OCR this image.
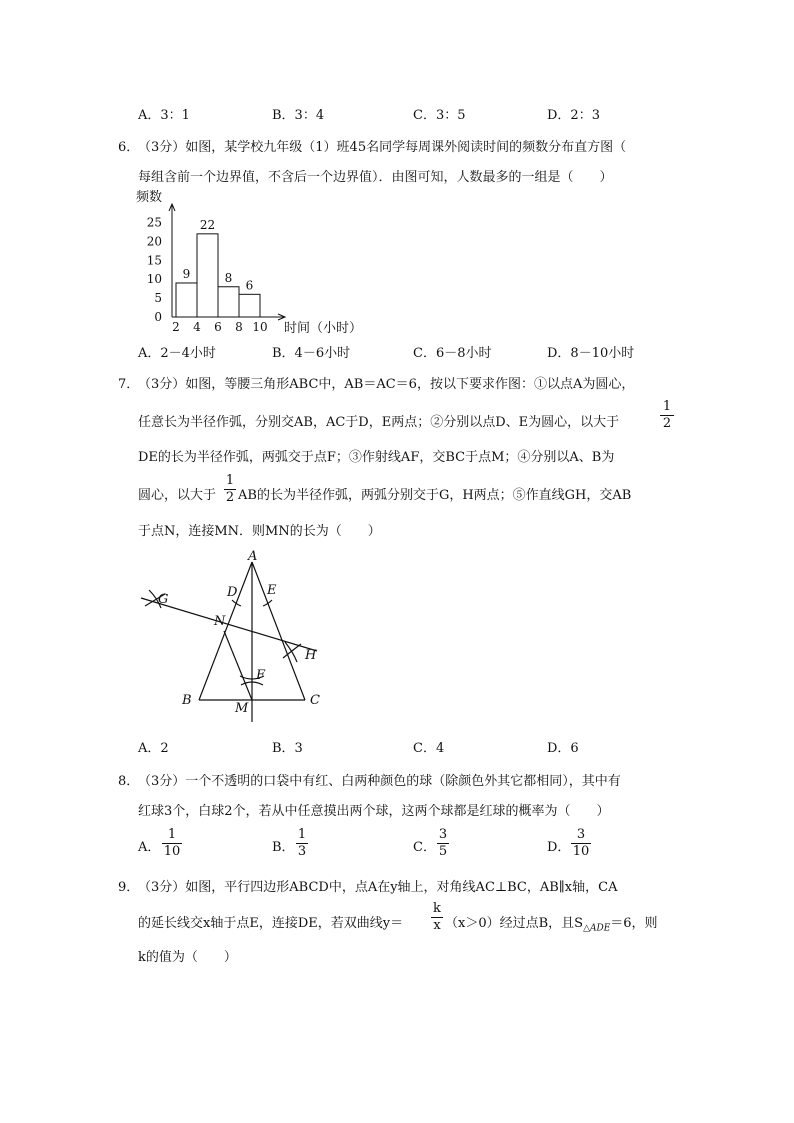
A．3：1	B．3：4	C．3：5	D．2：3
6．
（3分）如图，某学校九年级（1）班45名同学每周课外阅读时间的频数分布直方图（
每组含前一个边界值，不含后一个边界值）．由图可知，人数最多的一组是（　　）
0
5
10
15
20
25
2 4 6 8 10
9
22
8
6
频数
时间（小时）
A．2－4小时	B．4－6小时	C．6－8小时	D．8－10小时
7．
（3分）如图，等腰三角形ABC中，AB＝AC＝6，按以下要求作图：①以点A为圆心，
任意长为半径作弧，分别交AB，AC于D，E两点；②分别以点D、E为圆心，以大于
1
2
DE的长为半径作弧，两弧交于点F；③作射线AF，交BC于点M；④分别以A、B为
圆心，以大于
1
2 AB的长为半径作弧，两弧分别交于G，H两点；⑤作直线GH，交AB
于点N，连接MN．则MN的长为（　　）
A
B	C
D E
F
G
H
M
N
A．2	B．3	C．4	D．6
8．
（3分）一个不透明的口袋中有红、白两种颜色的球（除颜色外其它都相同），其中有
红球3个，白球2个，若从中任意摸出两个球，这两个球都是红球的概率为（　　）
A．
1
10	B．
1
3	C．
3
5	D．
3
10
9．
（3分）如图，平行四边形ABCD中，点A在y轴上，对角线AC⊥BC，AB∥x轴，CA
的延长线交x轴于点E，连接DE，若双曲线y＝
k
x （x＞0）经过点B，且$S_{\triangle ADE}=6$，则
k的值为（　　）
